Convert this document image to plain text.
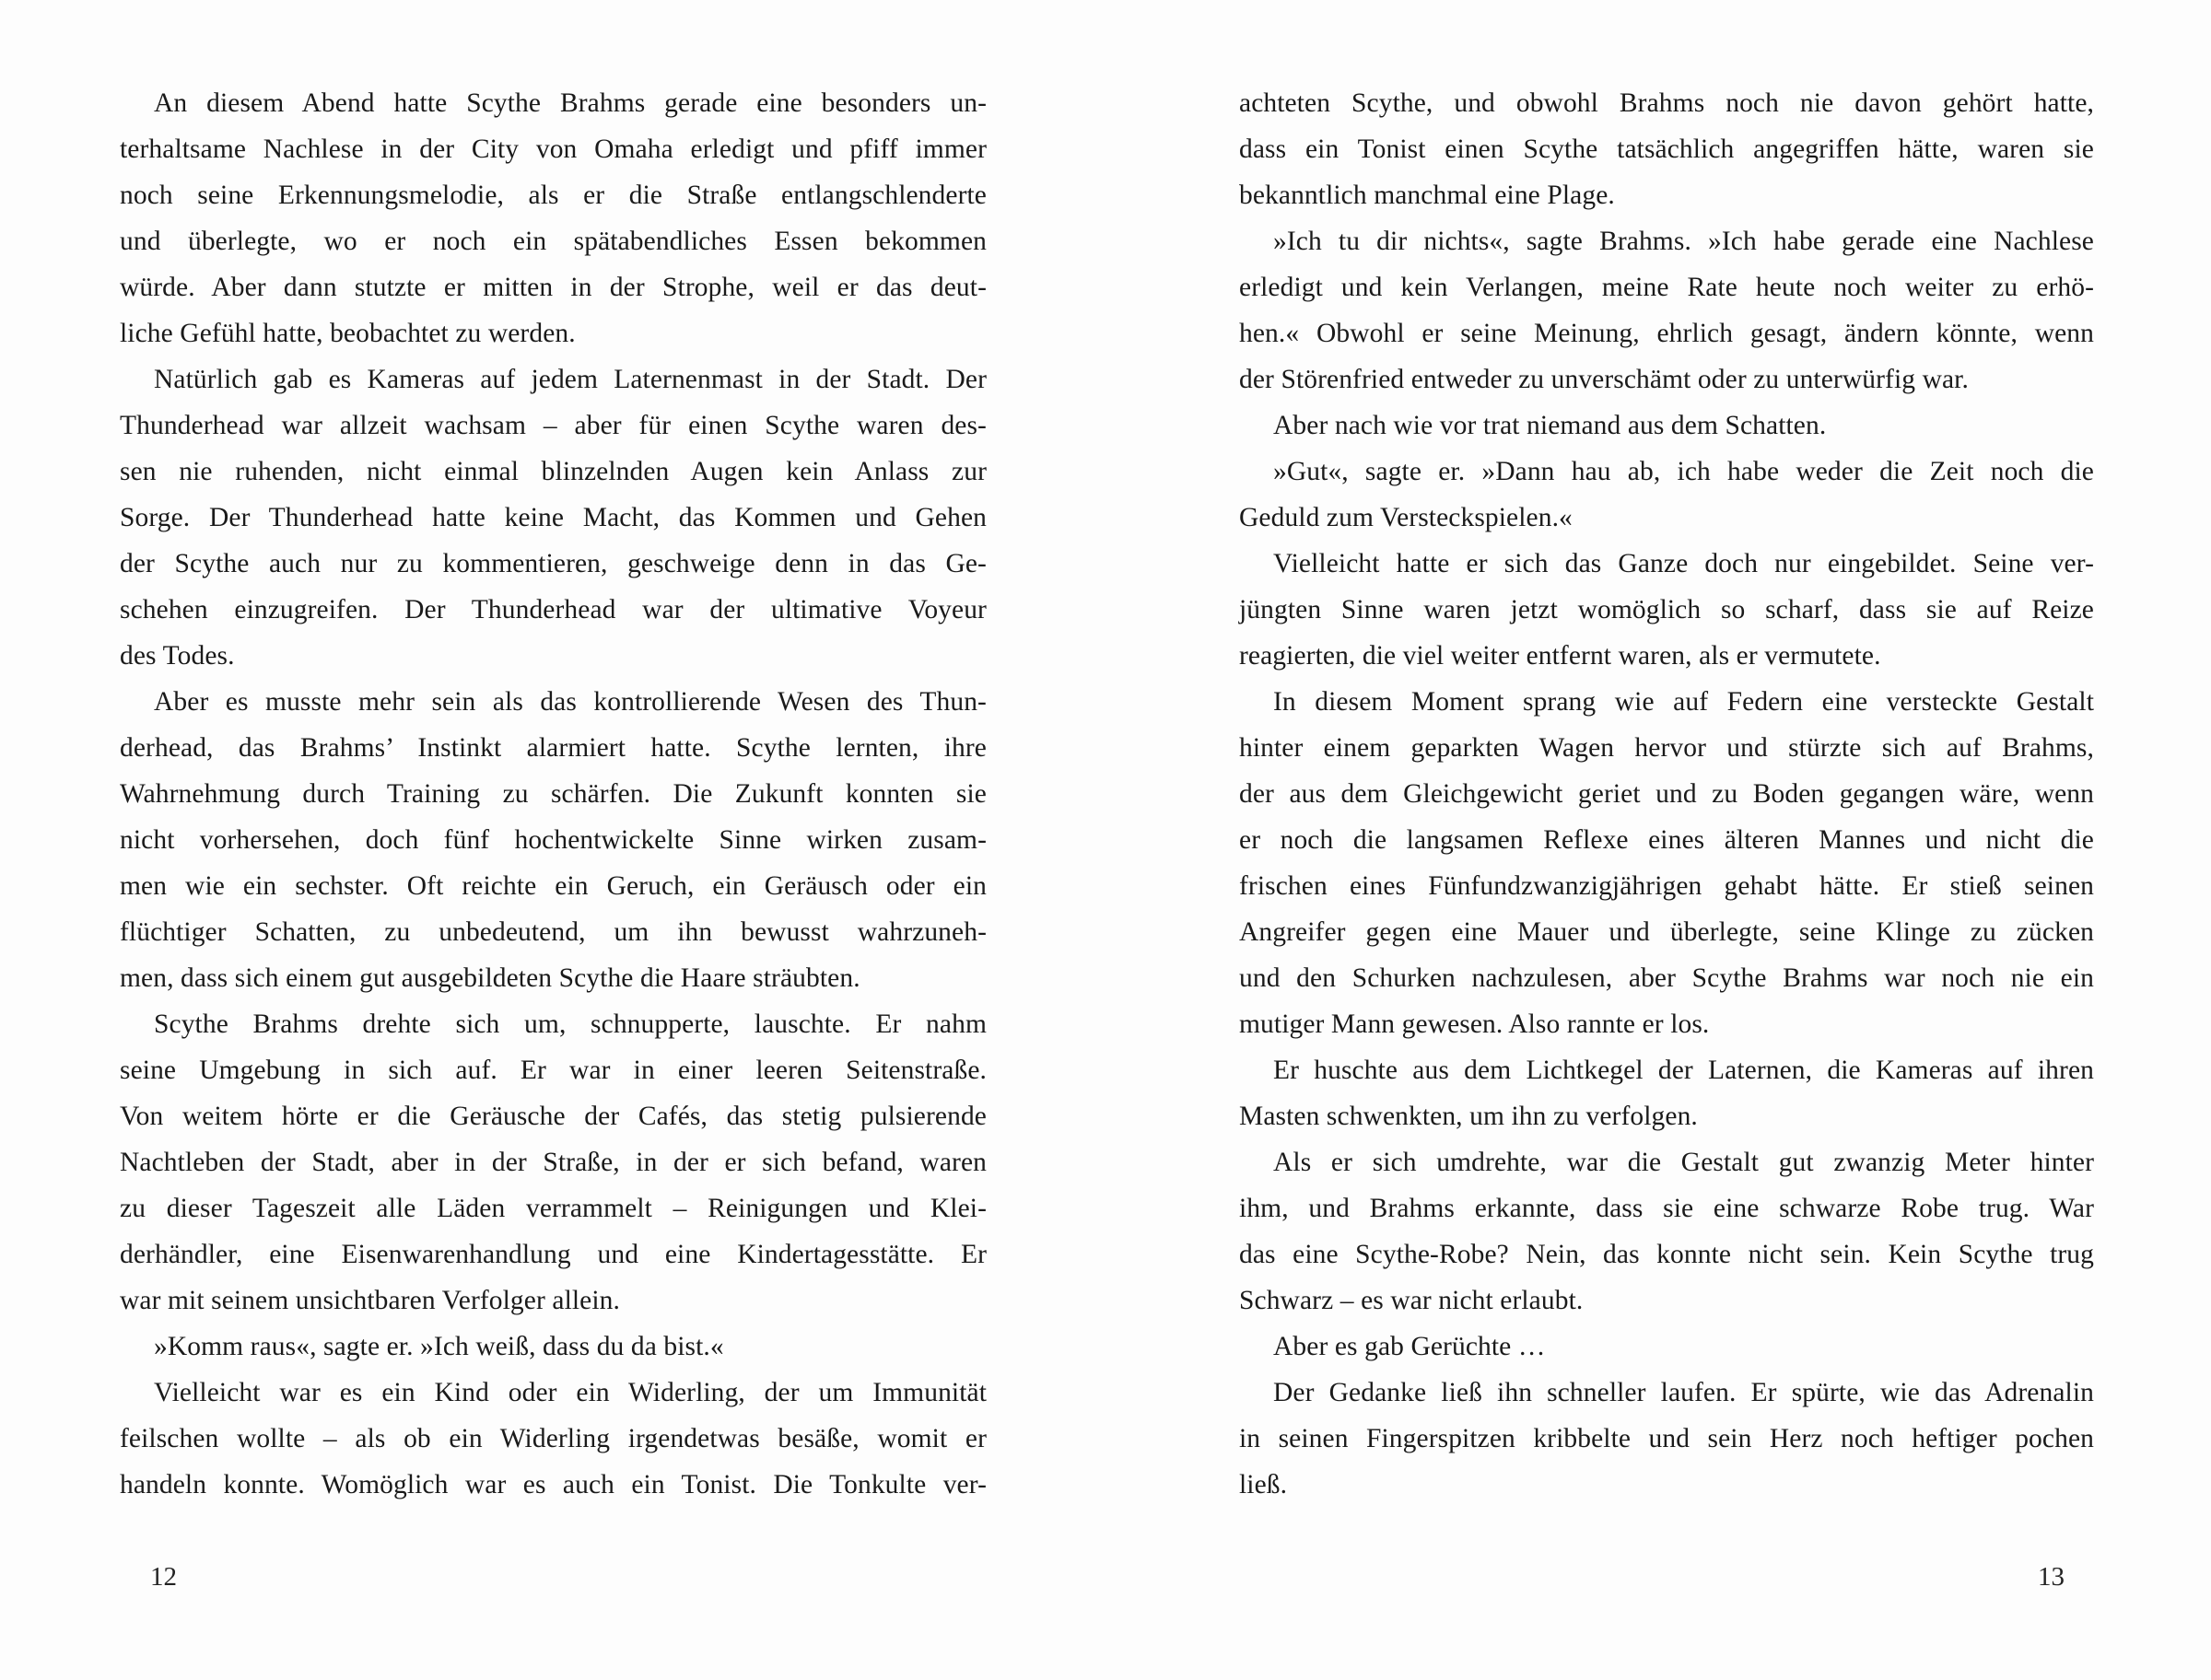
An diesem Abend hatte Scythe Brahms gerade eine besonders un-
terhaltsame Nachlese in der City von Omaha erledigt und pfiff immer
noch seine Erkennungsmelodie, als er die Straße entlangschlenderte
und überlegte, wo er noch ein spätabendliches Essen bekommen
würde. Aber dann stutzte er mitten in der Strophe, weil er das deut-
liche Gefühl hatte, beobachtet zu werden.
Natürlich gab es Kameras auf jedem Laternenmast in der Stadt. Der
Thunderhead war allzeit wachsam – aber für einen Scythe waren des-
sen nie ruhenden, nicht einmal blinzelnden Augen kein Anlass zur
Sorge. Der Thunderhead hatte keine Macht, das Kommen und Gehen
der Scythe auch nur zu kommentieren, geschweige denn in das Ge-
schehen einzugreifen. Der Thunderhead war der ultimative Voyeur
des Todes.
Aber es musste mehr sein als das kontrollierende Wesen des Thun-
derhead, das Brahms’ Instinkt alarmiert hatte. Scythe lernten, ihre
Wahrnehmung durch Training zu schärfen. Die Zukunft konnten sie
nicht vorhersehen, doch fünf hochentwickelte Sinne wirken zusam-
men wie ein sechster. Oft reichte ein Geruch, ein Geräusch oder ein
flüchtiger Schatten, zu unbedeutend, um ihn bewusst wahrzuneh-
men, dass sich einem gut ausgebildeten Scythe die Haare sträubten.
Scythe Brahms drehte sich um, schnupperte, lauschte. Er nahm
seine Umgebung in sich auf. Er war in einer leeren Seitenstraße.
Von weitem hörte er die Geräusche der Cafés, das stetig pulsierende
Nachtleben der Stadt, aber in der Straße, in der er sich befand, waren
zu dieser Tageszeit alle Läden verrammelt – Reinigungen und Klei-
derhändler, eine Eisenwarenhandlung und eine Kindertagesstätte. Er
war mit seinem unsichtbaren Verfolger allein.
»Komm raus«, sagte er. »Ich weiß, dass du da bist.«
Vielleicht war es ein Kind oder ein Widerling, der um Immunität
feilschen wollte – als ob ein Widerling irgendetwas besäße, womit er
handeln konnte. Womöglich war es auch ein Tonist. Die Tonkulte ver-
12
achteten Scythe, und obwohl Brahms noch nie davon gehört hatte,
dass ein Tonist einen Scythe tatsächlich angegriffen hätte, waren sie
bekanntlich manchmal eine Plage.
»Ich tu dir nichts«, sagte Brahms. »Ich habe gerade eine Nachlese
erledigt und kein Verlangen, meine Rate heute noch weiter zu erhö-
hen.« Obwohl er seine Meinung, ehrlich gesagt, ändern könnte, wenn
der Störenfried entweder zu unverschämt oder zu unterwürfig war.
Aber nach wie vor trat niemand aus dem Schatten.
»Gut«, sagte er. »Dann hau ab, ich habe weder die Zeit noch die
Geduld zum Versteckspielen.«
Vielleicht hatte er sich das Ganze doch nur eingebildet. Seine ver-
jüngten Sinne waren jetzt womöglich so scharf, dass sie auf Reize
reagierten, die viel weiter entfernt waren, als er vermutete.
In diesem Moment sprang wie auf Federn eine versteckte Gestalt
hinter einem geparkten Wagen hervor und stürzte sich auf Brahms,
der aus dem Gleichgewicht geriet und zu Boden gegangen wäre, wenn
er noch die langsamen Reflexe eines älteren Mannes und nicht die
frischen eines Fünfundzwanzigjährigen gehabt hätte. Er stieß seinen
Angreifer gegen eine Mauer und überlegte, seine Klinge zu zücken
und den Schurken nachzulesen, aber Scythe Brahms war noch nie ein
mutiger Mann gewesen. Also rannte er los.
Er huschte aus dem Lichtkegel der Laternen, die Kameras auf ihren
Masten schwenkten, um ihn zu verfolgen.
Als er sich umdrehte, war die Gestalt gut zwanzig Meter hinter
ihm, und Brahms erkannte, dass sie eine schwarze Robe trug. War
das eine Scythe-Robe? Nein, das konnte nicht sein. Kein Scythe trug
Schwarz – es war nicht erlaubt.
Aber es gab Gerüchte …
Der Gedanke ließ ihn schneller laufen. Er spürte, wie das Adrenalin
in seinen Fingerspitzen kribbelte und sein Herz noch heftiger pochen
ließ.
13
